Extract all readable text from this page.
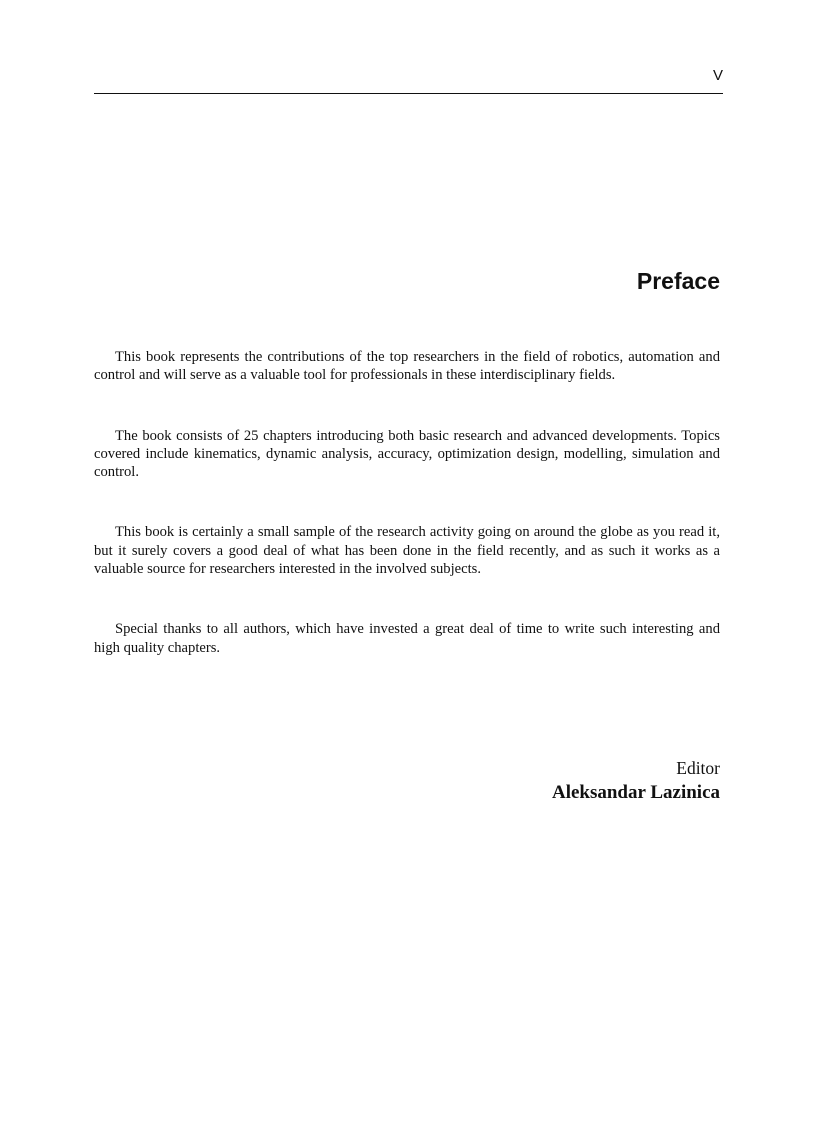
V
Preface

This book represents the contributions of the top researchers in the field of robotics, automation and control and will serve as a valuable tool for professionals in these interdisciplinary fields.

The book consists of 25 chapters introducing both basic research and advanced developments. Topics covered include kinematics, dynamic analysis, accuracy, optimization design, modelling, simulation and control.

This book is certainly a small sample of the research activity going on around the globe as you read it, but it surely covers a good deal of what has been done in the field recently, and as such it works as a valuable source for researchers interested in the involved subjects.

Special thanks to all authors, which have invested a great deal of time to write such interesting and high quality chapters.

Editor
Aleksandar Lazinica
